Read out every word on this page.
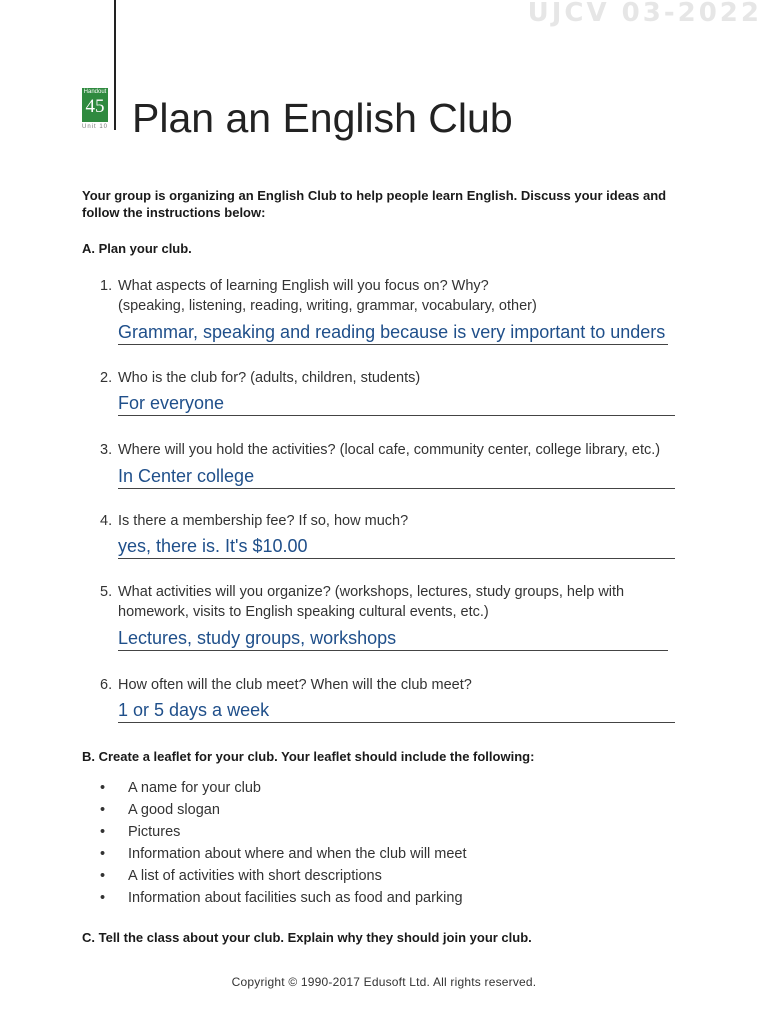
UJCV 03-2022
Handout
45
Unit 10 Plan an English Club

Your group is organizing an English Club to help people learn English. Discuss your ideas and follow the instructions below:

A. Plan your club.

1. What aspects of learning English will you focus on? Why?
(speaking, listening, reading, writing, grammar, vocabulary, other)
Grammar, speaking and reading because is very important to unders
2. Who is the club for? (adults, children, students)
For everyone
3. Where will you hold the activities? (local cafe, community center, college library, etc.)
In Center college
4. Is there a membership fee? If so, how much?
yes, there is. It's $10.00
5. What activities will you organize? (workshops, lectures, study groups, help with
homework, visits to English speaking cultural events, etc.)
Lectures, study groups, workshops
6. How often will the club meet? When will the club meet?
1 or 5 days a week

B. Create a leaflet for your club. Your leaflet should include the following:

• A name for your club
• A good slogan
• Pictures
• Information about where and when the club will meet
• A list of activities with short descriptions
• Information about facilities such as food and parking

C. Tell the class about your club. Explain why they should join your club.

Copyright © 1990-2017 Edusoft Ltd. All rights reserved.
